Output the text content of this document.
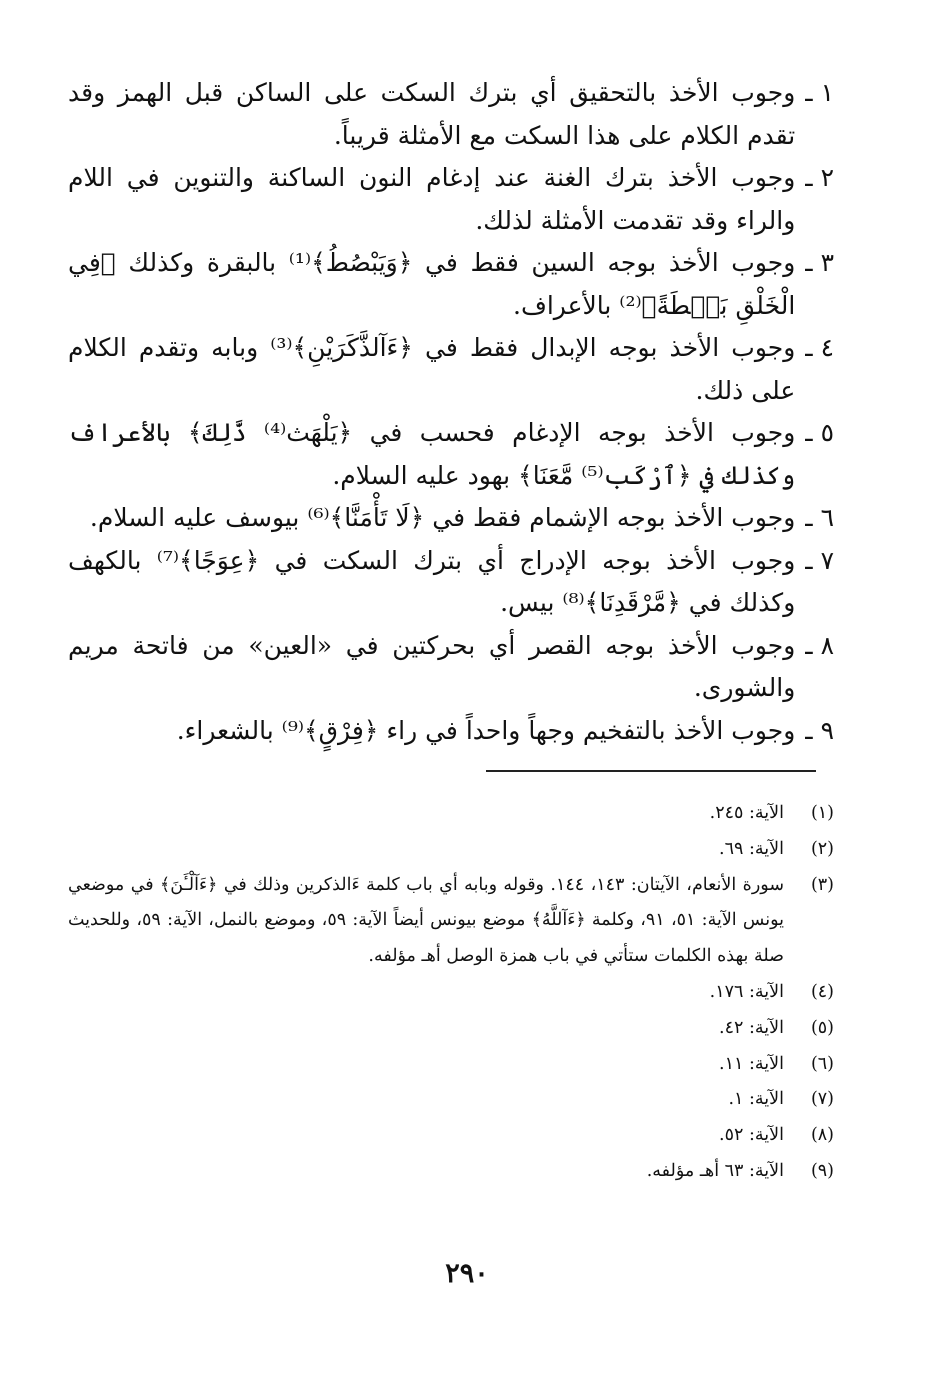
١ ـ
وجوب الأخذ بالتحقيق أي بترك السكت على الساكن قبل الهمز وقد تقدم الكلام على هذا السكت مع الأمثلة قريباً.
٢ ـ
وجوب الأخذ بترك الغنة عند إدغام النون الساكنة والتنوين في اللام والراء وقد تقدمت الأمثلة لذلك.
٣ ـ
وجوب الأخذ بوجه السين فقط في ﴿وَيَبْصُطُ﴾⁽¹⁾ بالبقرة وكذلك ﴿فِي الْخَلْقِ بَصۜطَةً﴾⁽²⁾ بالأعراف.
٤ ـ
وجوب الأخذ بوجه الإبدال فقط في ﴿ءَآلذَّكَرَيْنِ﴾⁽³⁾ وبابه وتقدم الكلام على ذلك.
٥ ـ
وجوب الأخذ بوجه الإدغام فحسب في ﴿يَلْهَث⁽⁴⁾ ذَّلِكَ﴾ بالأعراف وكذلك في ﴿ٱرْكَب⁽⁵⁾ مَّعَنَا﴾ بهود عليه السلام.
٦ ـ
وجوب الأخذ بوجه الإشمام فقط في ﴿لَا تَأْمَنَّا﴾⁽⁶⁾ بيوسف عليه السلام.
٧ ـ
وجوب الأخذ بوجه الإدراج أي بترك السكت في ﴿عِوَجًا﴾⁽⁷⁾ بالكهف وكذلك في ﴿مَّرْقَدِنَا﴾⁽⁸⁾ بيس.
٨ ـ
وجوب الأخذ بوجه القصر أي بحركتين في «العين» من فاتحة مريم والشورى.
٩ ـ
وجوب الأخذ بالتفخيم وجهاً واحداً في راء ﴿فِرْقٍ﴾⁽⁹⁾ بالشعراء.
(١)
الآية: ٢٤٥.
(٢)
الآية: ٦٩.
(٣)
سورة الأنعام، الآيتان: ١٤٣، ١٤٤. وقوله وبابه أي باب كلمة ءَالذكرين وذلك في ﴿ءَآلْـَٔنَ﴾ في موضعي يونس الآية: ٥١، ٩١، وكلمة ﴿ءَآللَّهُ﴾ موضع بيونس أيضاً الآية: ٥٩، وموضع بالنمل، الآية: ٥٩، وللحديث صلة بهذه الكلمات ستأتي في باب همزة الوصل أهـ مؤلفه.
(٤)
الآية: ١٧٦.
(٥)
الآية: ٤٢.
(٦)
الآية: ١١.
(٧)
الآية: ١.
(٨)
الآية: ٥٢.
(٩)
الآية: ٦٣ أهـ مؤلفه.
٢٩٠
